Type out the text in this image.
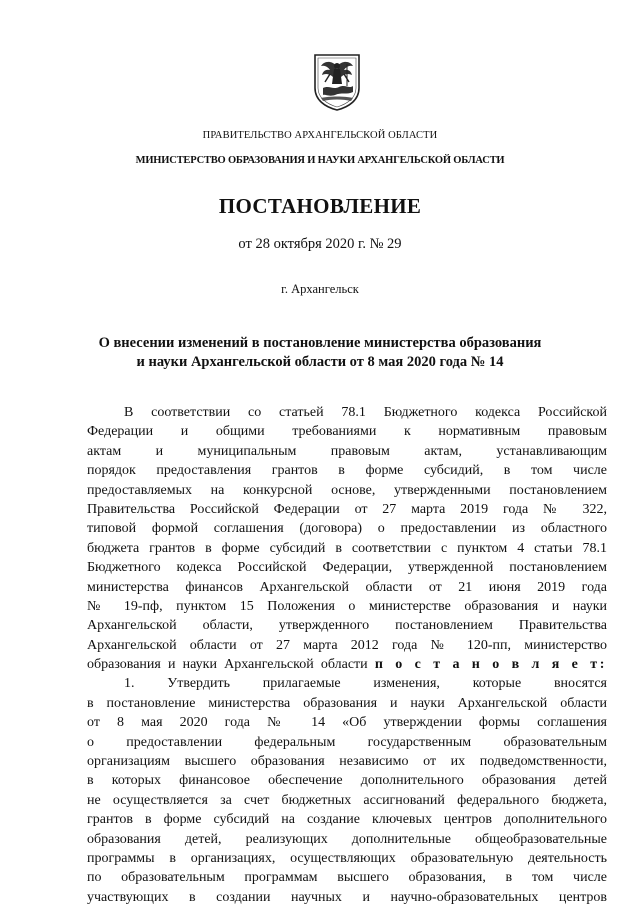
ПРАВИТЕЛЬСТВО АРХАНГЕЛЬСКОЙ ОБЛАСТИ
МИНИСТЕРСТВО ОБРАЗОВАНИЯ И НАУКИ АРХАНГЕЛЬСКОЙ ОБЛАСТИ
ПОСТАНОВЛЕНИЕ
от 28 октября 2020 г. № 29
г. Архангельск
О внесении изменений в постановление министерства образования
и науки Архангельской области от 8 мая 2020 года № 14
В соответствии со статьей 78.1 Бюджетного кодекса Российской
Федерации и общими требованиями к нормативным правовым
актам и муниципальным правовым актам, устанавливающим
порядок предоставления грантов в форме субсидий, в том числе
предоставляемых на конкурсной основе, утвержденными постановлением
Правительства Российской Федерации от 27 марта 2019 года № 322,
типовой формой соглашения (договора) о предоставлении из областного
бюджета грантов в форме субсидий в соответствии с пунктом 4 статьи 78.1
Бюджетного кодекса Российской Федерации, утвержденной постановлением
министерства финансов Архангельской области от 21 июня 2019 года
№ 19-пф, пунктом 15 Положения о министерстве образования и науки
Архангельской области, утвержденного постановлением Правительства
Архангельской области от 27 марта 2012 года № 120-пп, министерство
образования и науки Архангельской области п о с т а н о в л я е т:
1. Утвердить прилагаемые изменения, которые вносятся
в постановление министерства образования и науки Архангельской области
от 8 мая 2020 года № 14 «Об утверждении формы соглашения
о предоставлении федеральным государственным образовательным
организациям высшего образования независимо от их подведомственности,
в которых финансовое обеспечение дополнительного образования детей
не осуществляется за счет бюджетных ассигнований федерального бюджета,
грантов в форме субсидий на создание ключевых центров дополнительного
образования детей, реализующих дополнительные общеобразовательные
программы в организациях, осуществляющих образовательную деятельность
по образовательным программам высшего образования, в том числе
участвующих в создании научных и научно-образовательных центров
